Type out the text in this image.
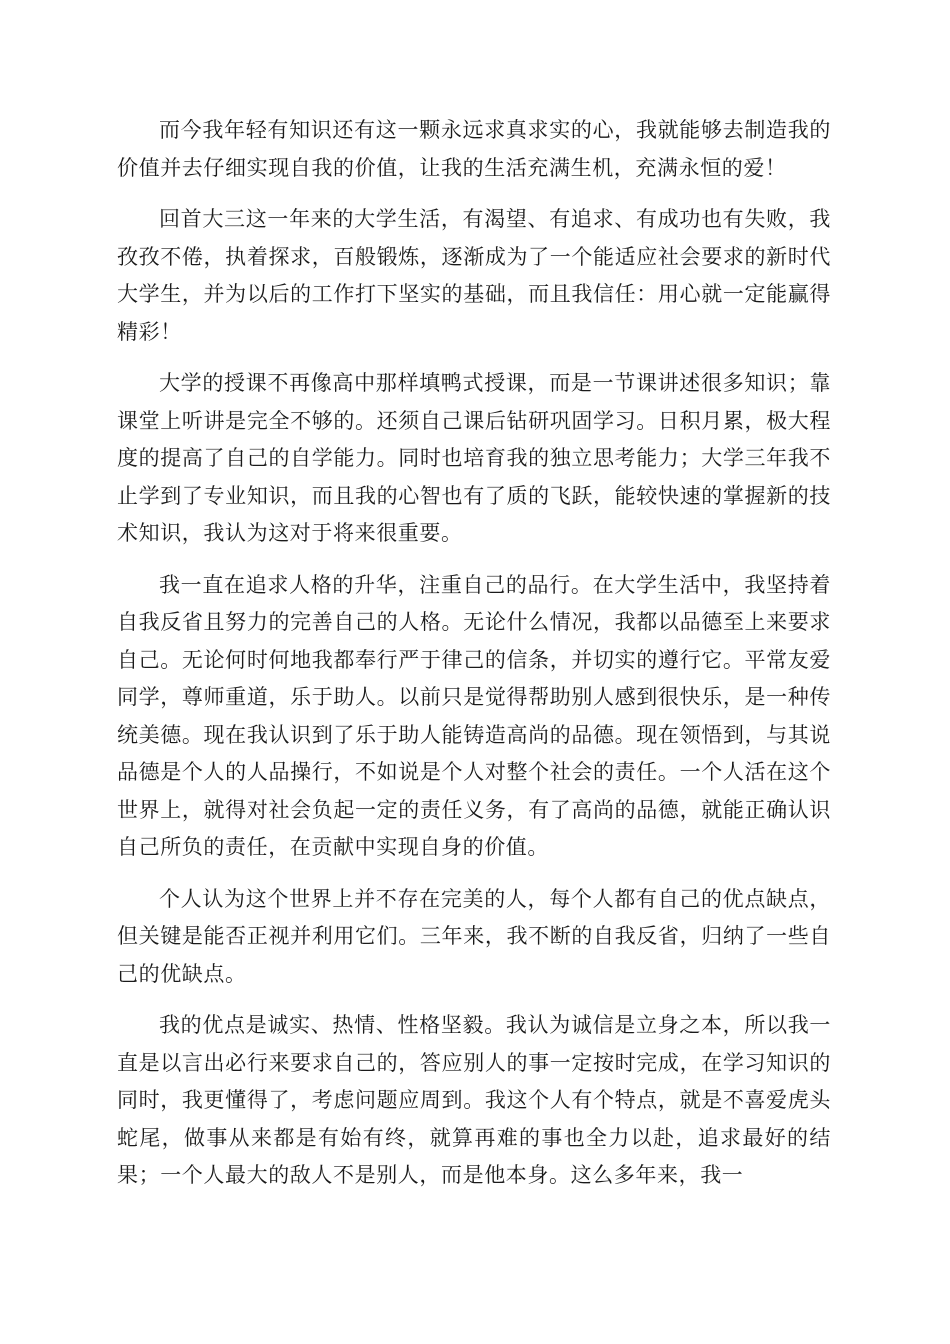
而今我年轻有知识还有这一颗永远求真求实的心，我就能够去制造我的价值并去仔细实现自我的价值，让我的生活充满生机，充满永恒的爱！

回首大三这一年来的大学生活，有渴望、有追求、有成功也有失败，我孜孜不倦，执着探求，百般锻炼，逐渐成为了一个能适应社会要求的新时代大学生，并为以后的工作打下坚实的基础，而且我信任：用心就一定能赢得精彩！

大学的授课不再像高中那样填鸭式授课，而是一节课讲述很多知识；靠课堂上听讲是完全不够的。还须自己课后钻研巩固学习。日积月累，极大程度的提高了自己的自学能力。同时也培育我的独立思考能力；大学三年我不止学到了专业知识，而且我的心智也有了质的飞跃，能较快速的掌握新的技术知识，我认为这对于将来很重要。

我一直在追求人格的升华，注重自己的品行。在大学生活中，我坚持着自我反省且努力的完善自己的人格。无论什么情况，我都以品德至上来要求自己。无论何时何地我都奉行严于律己的信条，并切实的遵行它。平常友爱同学，尊师重道，乐于助人。以前只是觉得帮助别人感到很快乐，是一种传统美德。现在我认识到了乐于助人能铸造高尚的品德。现在领悟到，与其说品德是个人的人品操行，不如说是个人对整个社会的责任。一个人活在这个世界上，就得对社会负起一定的责任义务，有了高尚的品德，就能正确认识自己所负的责任，在贡献中实现自身的价值。

个人认为这个世界上并不存在完美的人，每个人都有自己的优点缺点，但关键是能否正视并利用它们。三年来，我不断的自我反省，归纳了一些自己的优缺点。

我的优点是诚实、热情、性格坚毅。我认为诚信是立身之本，所以我一直是以言出必行来要求自己的，答应别人的事一定按时完成，在学习知识的同时，我更懂得了，考虑问题应周到。我这个人有个特点，就是不喜爱虎头蛇尾，做事从来都是有始有终，就算再难的事也全力以赴，追求最好的结果；一个人最大的敌人不是别人，而是他本身。这么多年来，我一
